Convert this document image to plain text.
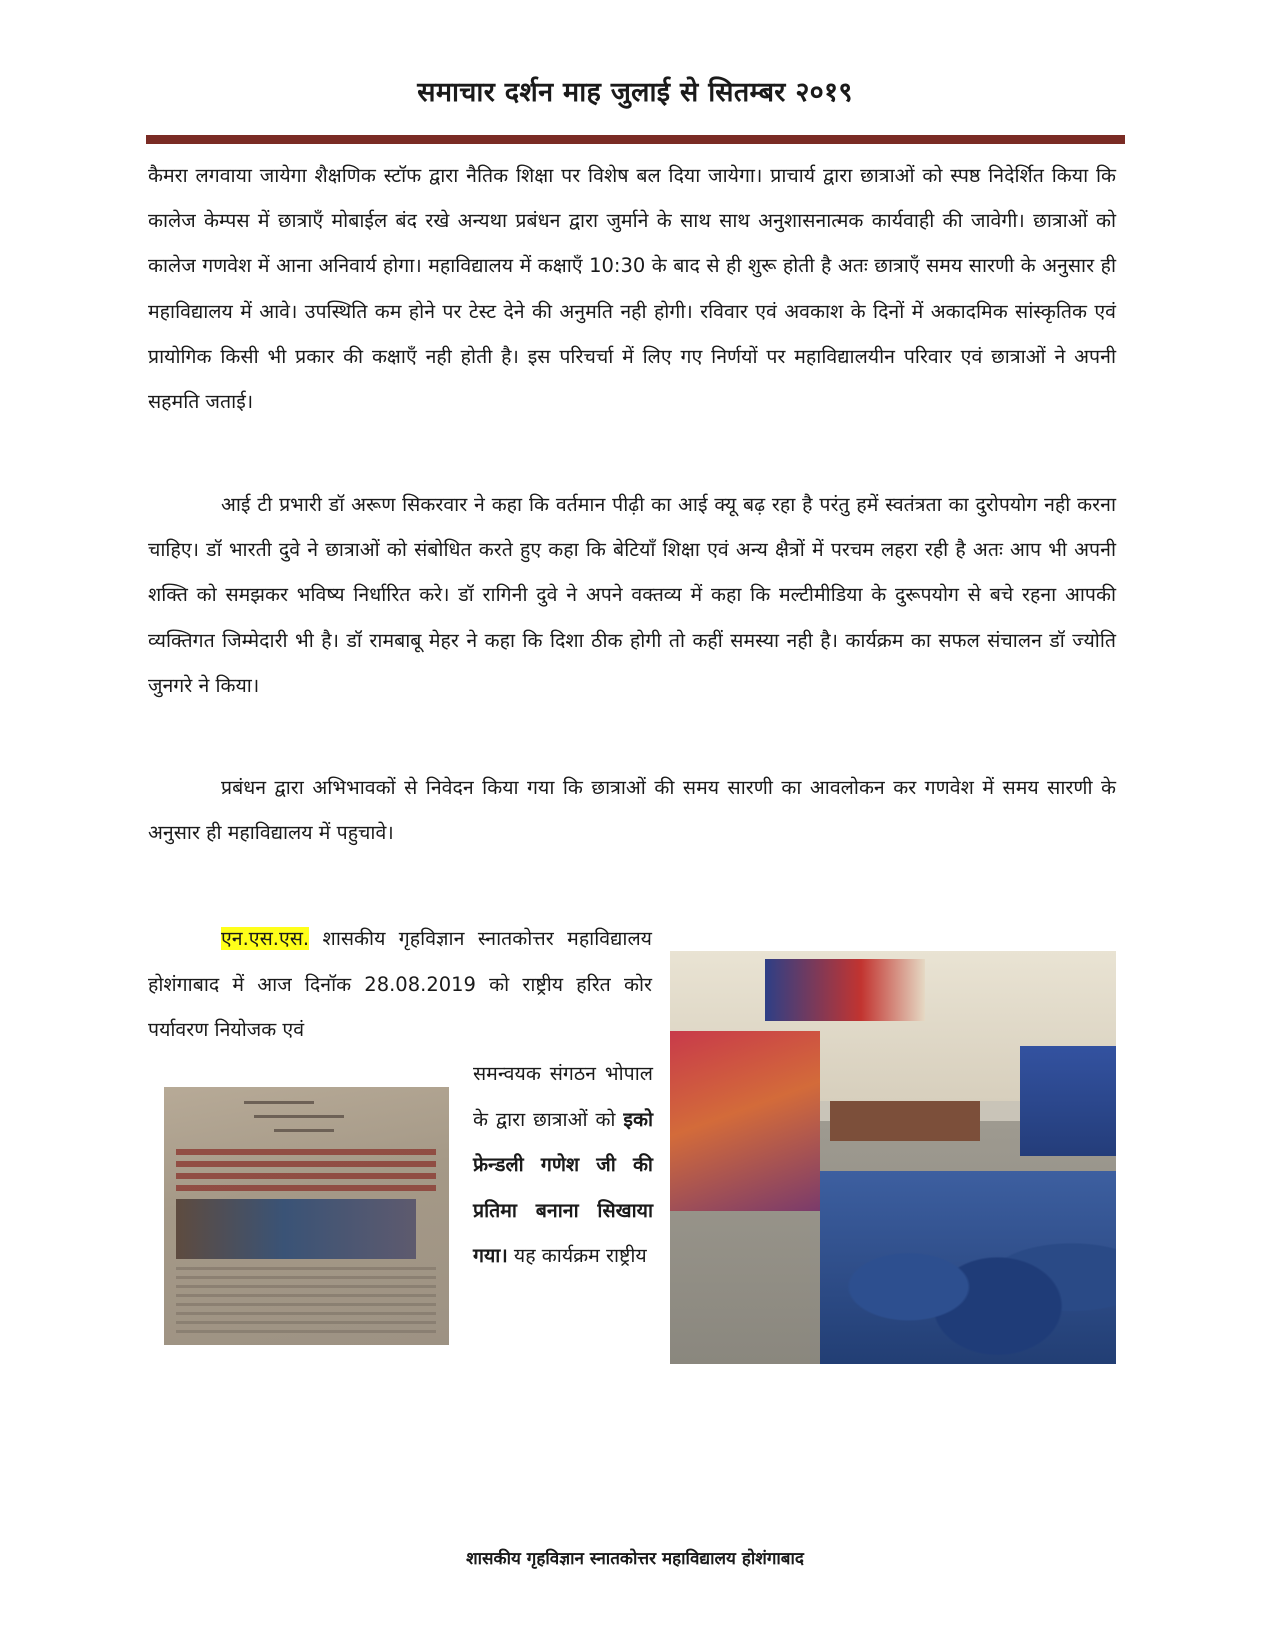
समाचार दर्शन माह जुलाई से सितम्बर २०१९

कैमरा लगवाया जायेगा शैक्षणिक स्टॉफ द्वारा नैतिक शिक्षा पर विशेष बल दिया जायेगा। प्राचार्य द्वारा छात्राओं को स्पष्ठ निदेर्शित किया कि कालेज केम्पस में छात्राऍं मोबाईल बंद रखे अन्यथा प्रबंधन द्वारा जुर्माने के साथ साथ अनुशासनात्मक कार्यवाही की जावेगी। छात्राओं को कालेज गणवेश में आना अनिवार्य होगा। महाविद्यालय में कक्षाऍं 10:30 के बाद से ही शुरू होती है अतः छात्राऍं समय सारणी के अनुसार ही महाविद्यालय में आवे। उपस्थिति कम होने पर टेस्ट देने की अनुमति नही होगी। रविवार एवं अवकाश के दिनों में अकादमिक सांस्कृतिक एवं प्रायोगिक किसी भी प्रकार की कक्षाऍं नही होती है। इस परिचर्चा में लिए गए निर्णयों पर महाविद्यालयीन परिवार एवं छात्राओं ने अपनी सहमति जताई।

आई टी प्रभारी डॉ अरूण सिकरवार ने कहा कि वर्तमान पीढ़ी का आई क्यू बढ़ रहा है परंतु हमें स्वतंत्रता का दुरोपयोग नही करना चाहिए। डॉ भारती दुवे ने छात्राओं को संबोधित करते हुए कहा कि बेटियॉं शिक्षा एवं अन्य क्षैत्रों में परचम लहरा रही है अतः आप भी अपनी शक्ति को समझकर भविष्य निर्धारित करे। डॉ रागिनी दुवे ने अपने वक्तव्य में कहा कि मल्टीमीडिया के दुरूपयोग से बचे रहना आपकी व्यक्तिगत जिम्मेदारी भी है। डॉ रामबाबू मेहर ने कहा कि दिशा ठीक होगी तो कहीं समस्या नही है। कार्यक्रम का सफल संचालन डॉ ज्योति जुनगरे ने किया।

प्रबंधन द्वारा अभिभावकों से निवेदन किया गया कि छात्राओं की समय सारणी का आवलोकन कर गणवेश में समय सारणी के अनुसार ही महाविद्यालय में पहुचावे।

एन.एस.एस. शासकीय गृहविज्ञान स्नातकोत्तर महाविद्यालय होशंगाबाद में आज दिनॉक 28.08.2019 को राष्ट्रीय हरित कोर पर्यावरण नियोजक एवं

समन्वयक संगठन भोपाल के द्वारा छात्राओं को इको फ्रेन्डली गणेश जी की प्रतिमा बनाना सिखाया गया। यह कार्यक्रम राष्ट्रीय

शासकीय गृहविज्ञान स्नातकोत्तर महाविद्यालय होशंगाबाद
